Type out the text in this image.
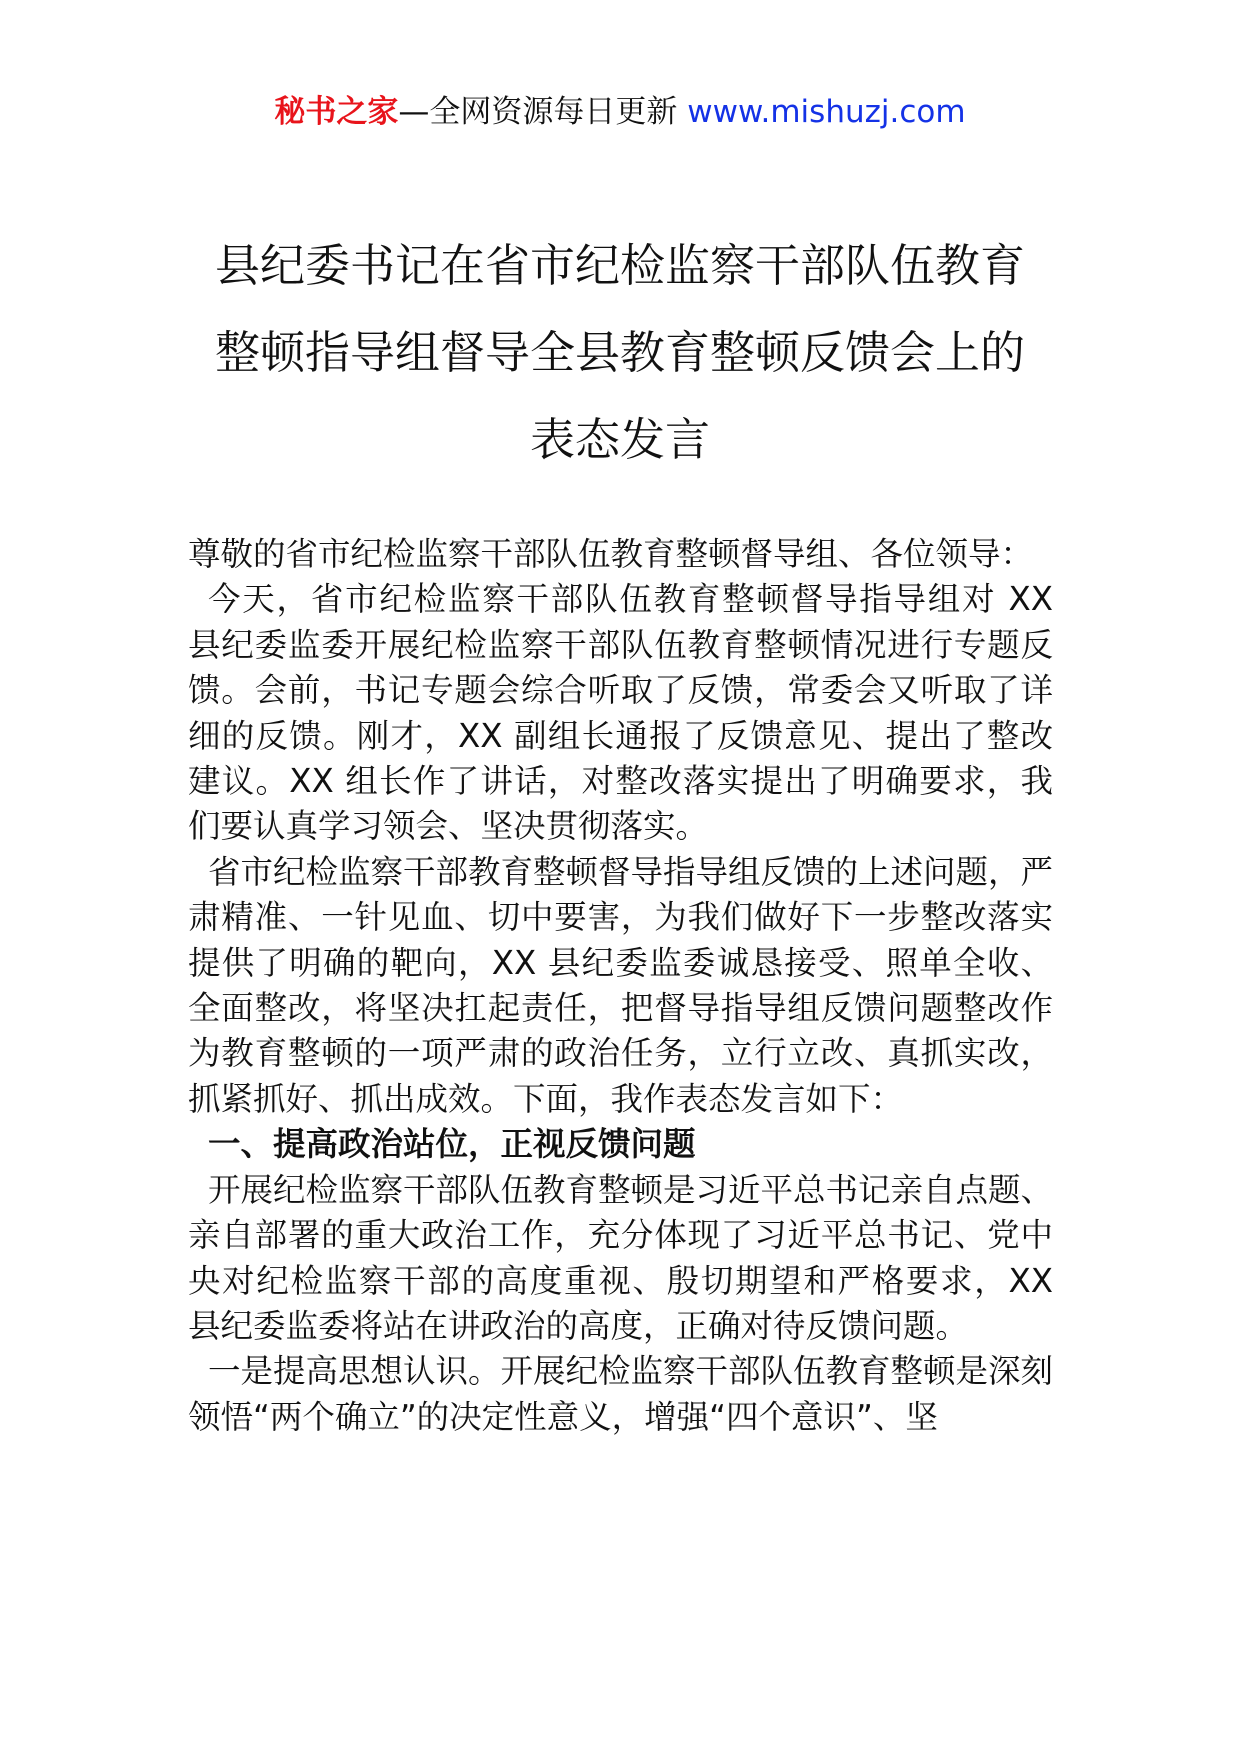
秘书之家—全网资源每日更新 www.mishuzj.com
县纪委书记在省市纪检监察干部队伍教育
整顿指导组督导全县教育整顿反馈会上的
表态发言

尊敬的省市纪检监察干部队伍教育整顿督导组、各位领导：

今天，省市纪检监察干部队伍教育整顿督导指导组对 XX 县纪委监委开展纪检监察干部队伍教育整顿情况进行专题反馈。会前，书记专题会综合听取了反馈，常委会又听取了详细的反馈。刚才，XX 副组长通报了反馈意见、提出了整改建议。XX 组长作了讲话，对整改落实提出了明确要求，我们要认真学习领会、坚决贯彻落实。

省市纪检监察干部教育整顿督导指导组反馈的上述问题，严肃精准、一针见血、切中要害，为我们做好下一步整改落实提供了明确的靶向，XX 县纪委监委诚恳接受、照单全收、全面整改，将坚决扛起责任，把督导指导组反馈问题整改作为教育整顿的一项严肃的政治任务，立行立改、真抓实改，抓紧抓好、抓出成效。下面，我作表态发言如下：

一、提高政治站位，正视反馈问题

开展纪检监察干部队伍教育整顿是习近平总书记亲自点题、亲自部署的重大政治工作，充分体现了习近平总书记、党中央对纪检监察干部的高度重视、殷切期望和严格要求，XX 县纪委监委将站在讲政治的高度，正确对待反馈问题。

一是提高思想认识。开展纪检监察干部队伍教育整顿是深刻领悟“两个确立”的决定性意义，增强“四个意识”、坚
